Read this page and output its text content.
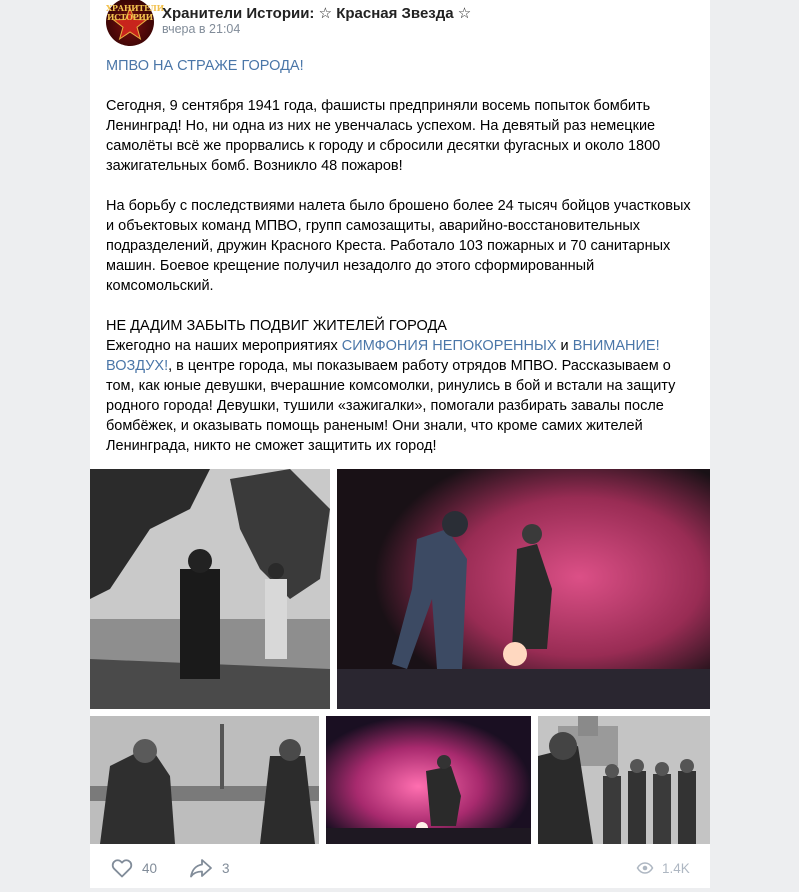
ХРАНИТЕЛИ ИСТОРИИ Хранители Истории: ☆ Красная Звезда ☆
вчера в 21:04

МПВО НА СТРАЖЕ ГОРОДА!

Сегодня, 9 сентября 1941 года, фашисты предприняли восемь попыток бомбить Ленинград! Но, ни одна из них не увенчалась успехом. На девятый раз немецкие самолёты всё же прорвались к городу и сбросили десятки фугасных и около 1800 зажигательных бомб. Возникло 48 пожаров!

На борьбу с последствиями налета было брошено более 24 тысяч бойцов участковых и объектовых команд МПВО, групп самозащиты, аварийно-восстановительных подразделений, дружин Красного Креста. Работало 103 пожарных и 70 санитарных машин. Боевое крещение получил незадолго до этого сформированный комсомольский.

НЕ ДАДИМ ЗАБЫТЬ ПОДВИГ ЖИТЕЛЕЙ ГОРОДА

Ежегодно на наших мероприятиях СИМФОНИЯ НЕПОКОРЕННЫХ и ВНИМАНИЕ! ВОЗДУХ!, в центре города, мы показываем работу отрядов МПВО. Рассказываем о том, как юные девушки, вчерашние комсомолки, ринулись в бой и встали на защиту родного города! Девушки, тушили «зажигалки», помогали разбирать завалы после бомбёжек, и оказывать помощь раненым! Они знали, что кроме самих жителей Ленинграда, никто не сможет защитить их город!

40	3	1.4K
